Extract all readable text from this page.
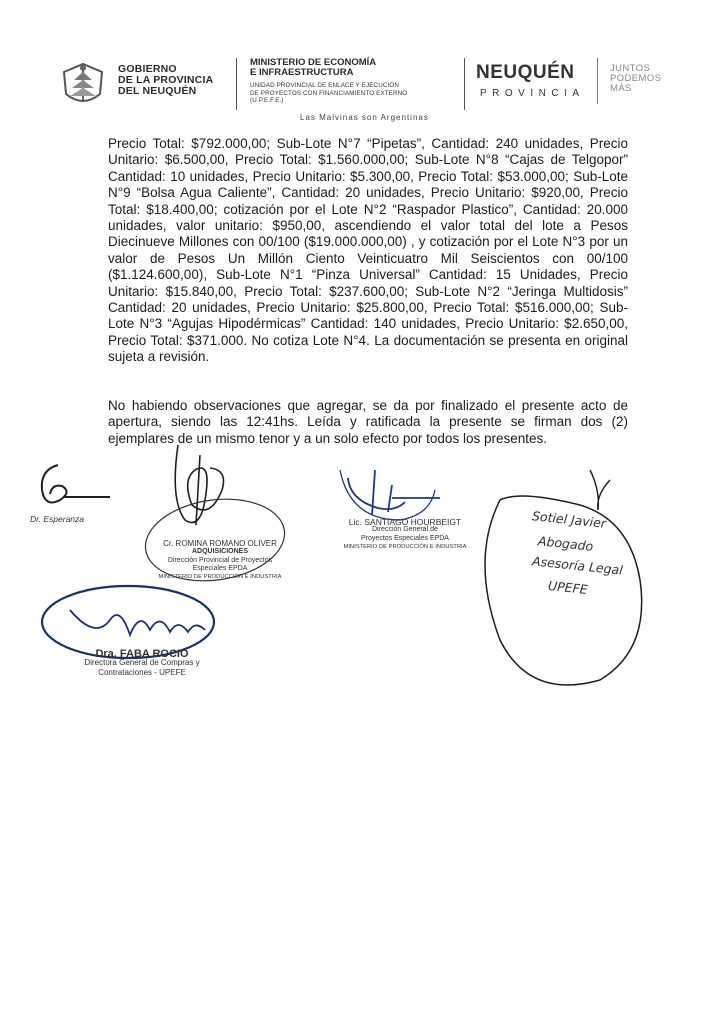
GOBIERNO
DE LA PROVINCIA
DEL NEUQUÉN
MINISTERIO DE ECONOMÍA
E INFRAESTRUCTURA
UNIDAD PROVINCIAL DE ENLACE Y EJECUCIÓN
DE PROYECTOS CON FINANCIAMIENTO EXTERNO
(U.P.E.F.E.)
NEUQUÉN
PROVINCIA
JUNTOS
PODEMOS
MÁS
Las Malvinas son Argentinas

Precio Total: $792.000,00; Sub-Lote N°7 “Pipetas”, Cantidad: 240 unidades, Precio Unitario: $6.500,00, Precio Total: $1.560.000,00; Sub-Lote N°8 “Cajas de Telgopor” Cantidad: 10 unidades, Precio Unitario: $5.300,00, Precio Total: $53.000,00; Sub-Lote N°9 “Bolsa Agua Caliente”, Cantidad: 20 unidades, Precio Unitario: $920,00, Precio Total: $18.400,00; cotización por el Lote N°2 “Raspador Plastico”, Cantidad: 20.000 unidades, valor unitario: $950,00, ascendiendo el valor total del lote a Pesos Diecinueve Millones con 00/100 ($19.000.000,00) , y cotización por el Lote N°3 por un valor de Pesos Un Millón Ciento Veinticuatro Mil Seiscientos con 00/100 ($1.124.600,00), Sub-Lote N°1 “Pinza Universal” Cantidad: 15 Unidades, Precio Unitario: $15.840,00, Precio Total: $237.600,00; Sub-Lote N°2 “Jeringa Multidosis” Cantidad: 20 unidades, Precio Unitario: $25.800,00, Precio Total: $516.000,00; Sub-Lote N°3 “Agujas Hipodérmicas” Cantidad: 140 unidades, Precio Unitario: $2.650,00, Precio Total: $371.000. No cotiza Lote N°4. La documentación se presenta en original sujeta a revisión.

No habiendo observaciones que agregar, se da por finalizado el presente acto de apertura, siendo las 12:41hs. Leída y ratificada la presente se firman dos (2) ejemplares de un mismo tenor y a un solo efecto por todos los presentes.

Dr. Esperanza
Cr. ROMINA ROMANO OLIVER
ADQUISICIONES
Dirección Provincial de Proyectos
Especiales EPDA
MINISTERIO DE PRODUCCIÓN E INDUSTRIA
Lic. SANTIAGO HOURBEIGT
Dirección General de
Proyectos Especiales EPDA
MINISTERIO DE PRODUCCIÓN E INDUSTRIA
Dra. FABA ROCIO
Directora General de Compras y
Contrataciones - UPEFE
Sotiel Javier
Abogado
Asesoría Legal
UPEFE
